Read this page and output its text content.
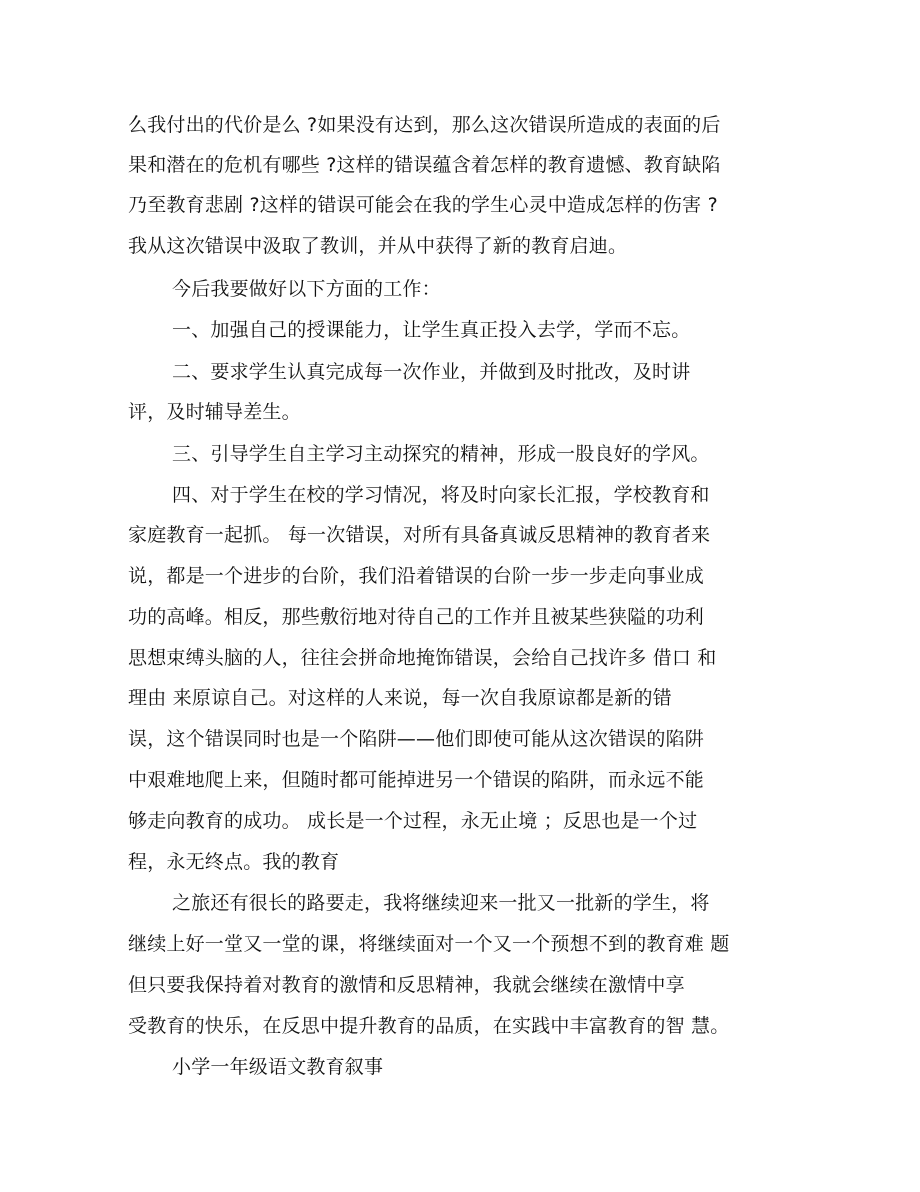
么我付出的代价是么 ?如果没有达到，那么这次错误所造成的表面的后
果和潜在的危机有哪些 ?这样的错误蕴含着怎样的教育遗憾、教育缺陷
乃至教育悲剧 ?这样的错误可能会在我的学生心灵中造成怎样的伤害 ?
我从这次错误中汲取了教训，并从中获得了新的教育启迪。
今后我要做好以下方面的工作：
一、加强自己的授课能力，让学生真正投入去学，学而不忘。
二、要求学生认真完成每一次作业，并做到及时批改，及时讲
评，及时辅导差生。
三、引导学生自主学习主动探究的精神，形成一股良好的学风。
四、对于学生在校的学习情况，将及时向家长汇报，学校教育和
家庭教育一起抓。 每一次错误，对所有具备真诚反思精神的教育者来
说，都是一个进步的台阶，我们沿着错误的台阶一步一步走向事业成
功的高峰。相反，那些敷衍地对待自己的工作并且被某些狭隘的功利
思想束缚头脑的人，往往会拼命地掩饰错误，会给自己找许多 借口 和
理由 来原谅自己。对这样的人来说，每一次自我原谅都是新的错
误，这个错误同时也是一个陷阱——他们即使可能从这次错误的陷阱
中艰难地爬上来，但随时都可能掉进另一个错误的陷阱，而永远不能
够走向教育的成功。 成长是一个过程，永无止境 ；反思也是一个过
程，永无终点。我的教育
之旅还有很长的路要走，我将继续迎来一批又一批新的学生，将
继续上好一堂又一堂的课，将继续面对一个又一个预想不到的教育难 题
但只要我保持着对教育的激情和反思精神，我就会继续在激情中享
受教育的快乐，在反思中提升教育的品质，在实践中丰富教育的智 慧。
小学一年级语文教育叙事
